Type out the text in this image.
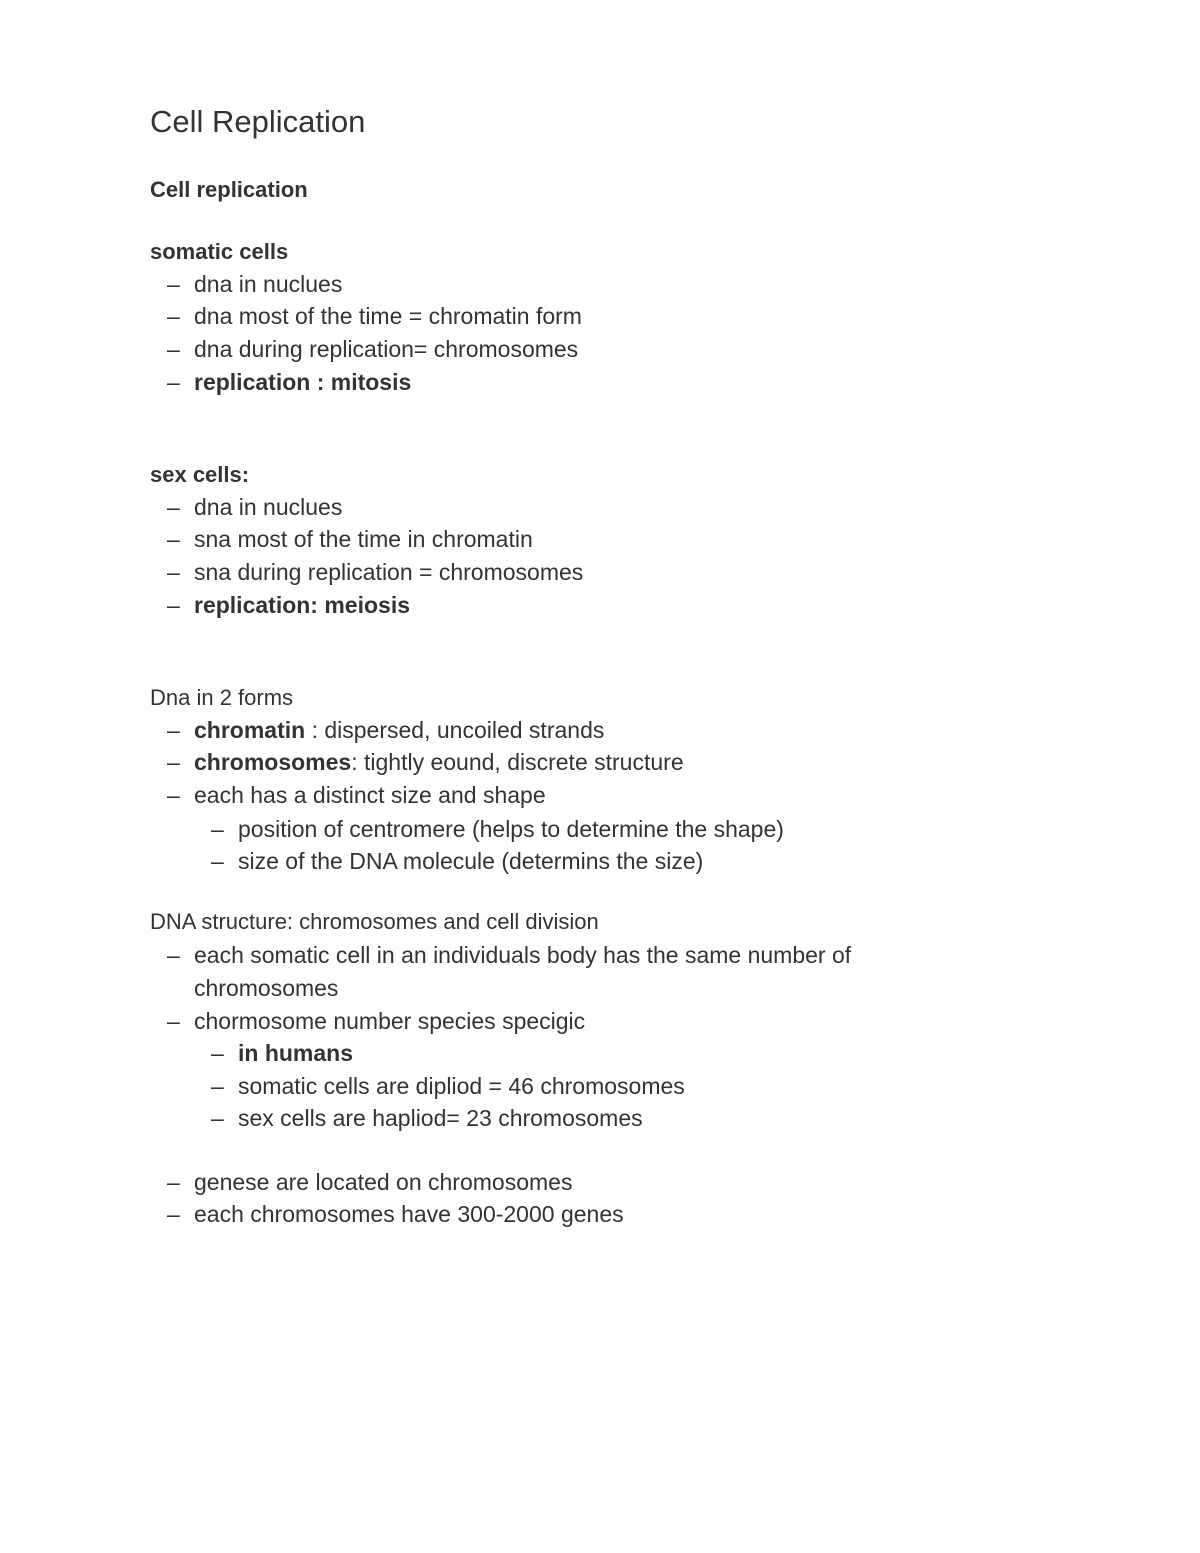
Cell Replication
Cell replication
somatic cells
– dna in nuclues
– dna most of the time = chromatin form
– dna during replication= chromosomes
– replication : mitosis
sex cells:
– dna in nuclues
– sna most of the time in chromatin
– sna during replication = chromosomes
– replication: meiosis
Dna in 2 forms
– chromatin : dispersed, uncoiled strands
– chromosomes: tightly eound, discrete structure
– each has a distinct size and shape
– position of centromere (helps to determine the shape)
– size of the DNA molecule (determins the size)
DNA structure: chromosomes and cell division
– each somatic cell in an individuals body has the same number of
chromosomes
– chormosome number species specigic
– in humans
– somatic cells are dipliod = 46 chromosomes
– sex cells are hapliod= 23 chromosomes
– genese are located on chromosomes
– each chromosomes have 300-2000 genes
